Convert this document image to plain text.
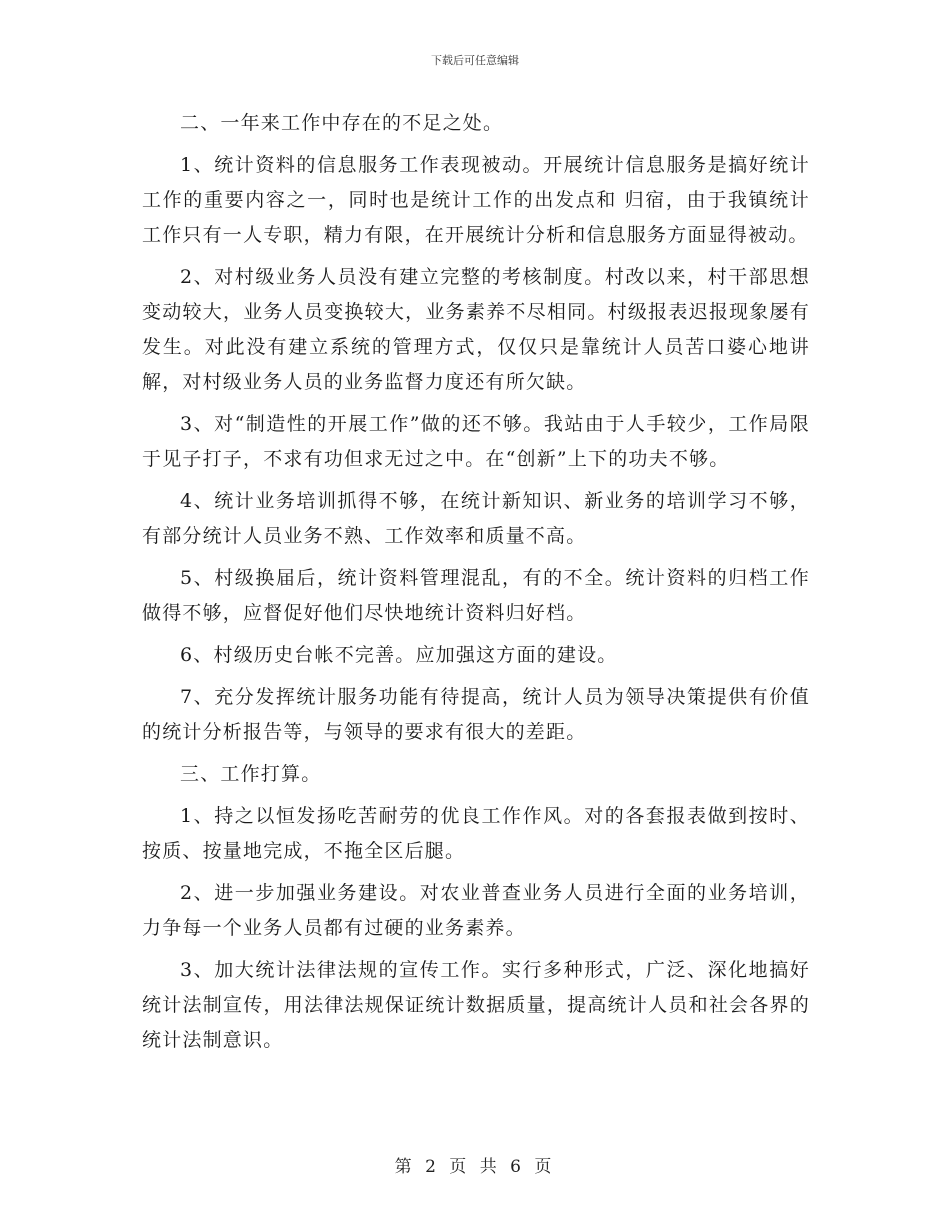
下载后可任意编辑

二、一年来工作中存在的不足之处。

1、统计资料的信息服务工作表现被动。开展统计信息服务是搞好统计工作的重要内容之一，同时也是统计工作的出发点和 归宿，由于我镇统计工作只有一人专职，精力有限，在开展统计分析和信息服务方面显得被动。

2、对村级业务人员没有建立完整的考核制度。村改以来，村干部思想变动较大，业务人员变换较大，业务素养不尽相同。村级报表迟报现象屡有发生。对此没有建立系统的管理方式，仅仅只是靠统计人员苦口婆心地讲解，对村级业务人员的业务监督力度还有所欠缺。

3、对“制造性的开展工作”做的还不够。我站由于人手较少，工作局限于见子打子，不求有功但求无过之中。在“创新”上下的功夫不够。

4、统计业务培训抓得不够，在统计新知识、新业务的培训学习不够，有部分统计人员业务不熟、工作效率和质量不高。

5、村级换届后，统计资料管理混乱，有的不全。统计资料的归档工作做得不够，应督促好他们尽快地统计资料归好档。

6、村级历史台帐不完善。应加强这方面的建设。

7、充分发挥统计服务功能有待提高，统计人员为领导决策提供有价值的统计分析报告等，与领导的要求有很大的差距。

三、工作打算。

1、持之以恒发扬吃苦耐劳的优良工作作风。对的各套报表做到按时、按质、按量地完成，不拖全区后腿。

2、进一步加强业务建设。对农业普查业务人员进行全面的业务培训，力争每一个业务人员都有过硬的业务素养。

3、加大统计法律法规的宣传工作。实行多种形式，广泛、深化地搞好统计法制宣传，用法律法规保证统计数据质量，提高统计人员和社会各界的统计法制意识。

第 2 页 共 6 页
